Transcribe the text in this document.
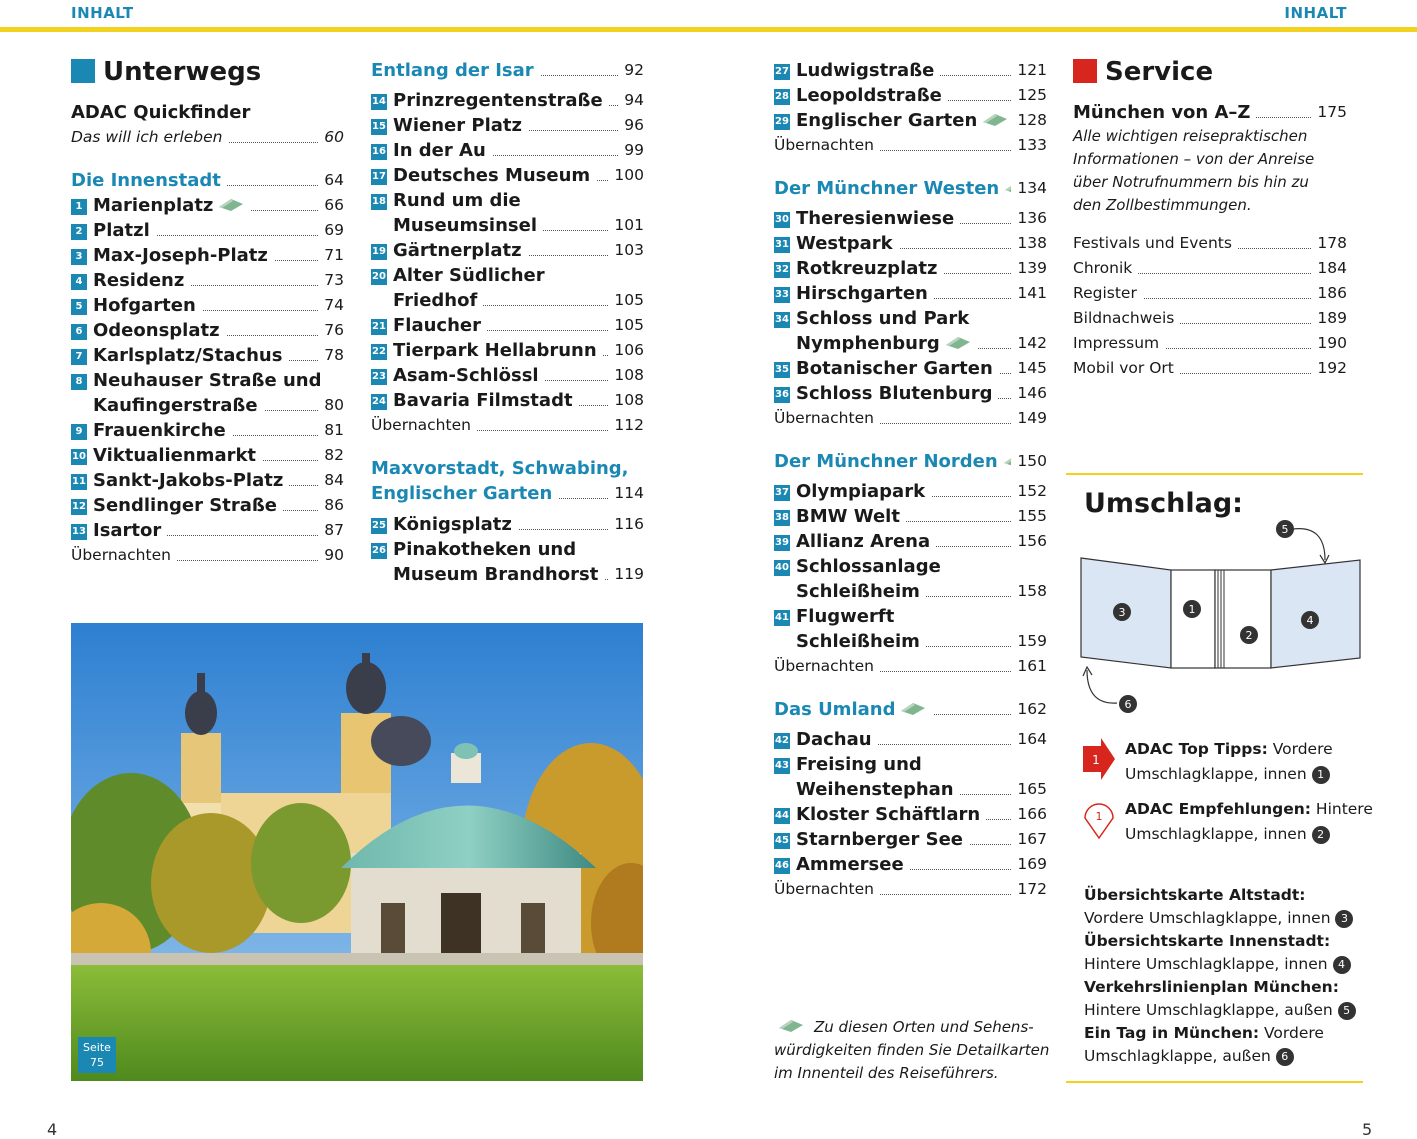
INHALT	INHALT
Unterwegs
ADAC Quickfinder
Das will ich erleben	60
Die Innenstadt	64
1 Marienplatz	66
2 Platzl	69
3 Max-Joseph-Platz	71
4 Residenz	73
5 Hofgarten	74
6 Odeonsplatz	76
7 Karlsplatz/Stachus	78
8 Neuhauser Straße und
Kaufingerstraße	80
9 Frauenkirche	81
10 Viktualienmarkt	82
11 Sankt-Jakobs-Platz	84
12 Sendlinger Straße	86
13 Isartor	87
Übernachten	90
Entlang der Isar	92
14 Prinzregentenstraße	94
15 Wiener Platz	96
16 In der Au	99
17 Deutsches Museum	100
18 Rund um die
Museumsinsel	101
19 Gärtnerplatz	103
20 Alter Südlicher
Friedhof	105
21 Flaucher	105
22 Tierpark Hellabrunn	106
23 Asam-Schlössl	108
24 Bavaria Filmstadt	108
Übernachten	112
Maxvorstadt, Schwabing,
Englischer Garten	114
25 Königsplatz	116
26 Pinakotheken und
Museum Brandhorst	119
Seite
75
27 Ludwigstraße	121
28 Leopoldstraße	125
29 Englischer Garten	128
Übernachten	133
Der Münchner Westen	134
30 Theresienwiese	136
31 Westpark	138
32 Rotkreuzplatz	139
33 Hirschgarten	141
34 Schloss und Park
Nymphenburg	142
35 Botanischer Garten	145
36 Schloss Blutenburg	146
Übernachten	149
Der Münchner Norden	150
37 Olympiapark	152
38 BMW Welt	155
39 Allianz Arena	156
40 Schlossanlage
Schleißheim	158
41 Flugwerft
Schleißheim	159
Übernachten	161
Das Umland	162
42 Dachau	164
43 Freising und
Weihenstephan	165
44 Kloster Schäftlarn	166
45 Starnberger See	167
46 Ammersee	169
Übernachten	172
Zu diesen Orten und Sehens-
würdigkeiten finden Sie Detailkarten
im Innenteil des Reiseführers.
Service
München von A–Z	175
Alle wichtigen reisepraktischen
Informationen – von der Anreise
über Notrufnummern bis hin zu
den Zollbestimmungen.
Festivals und Events	178
Chronik	184
Register	186
Bildnachweis	189
Impressum	190
Mobil vor Ort	192
Umschlag:
3	1
2
4
5
6
1
ADAC Top Tipps: Vordere
Umschlagklappe, innen 1
1 ADAC Empfehlungen: Hintere
Umschlagklappe, innen 2
Übersichtskarte Altstadt:
Vordere Umschlagklappe, innen 3
Übersichtskarte Innenstadt:
Hintere Umschlagklappe, innen 4
Verkehrslinienplan München:
Hintere Umschlagklappe, außen 5
Ein Tag in München: Vordere
Umschlagklappe, außen 6
4	5
